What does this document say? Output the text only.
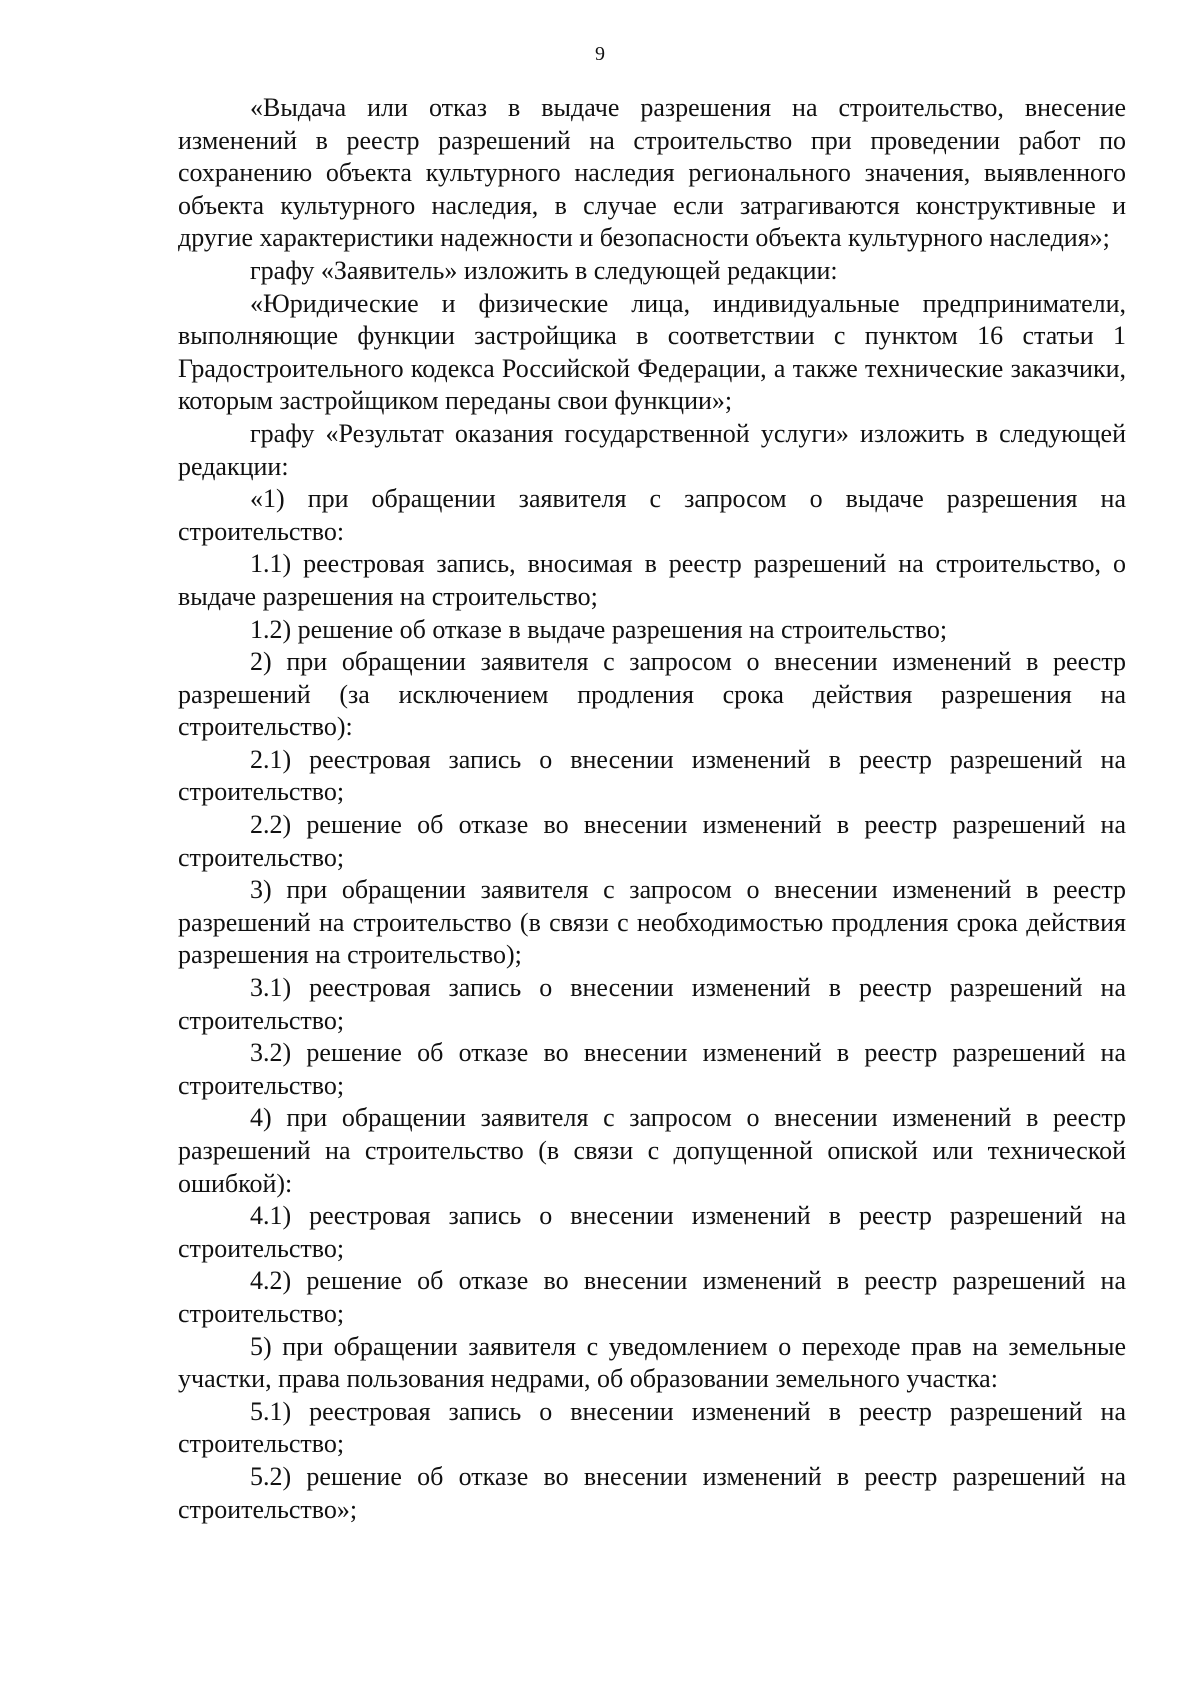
9

«Выдача или отказ в выдаче разрешения на строительство, внесение изменений в реестр разрешений на строительство при проведении работ по сохранению объекта культурного наследия регионального значения, выявленного объекта культурного наследия, в случае если затрагиваются конструктивные и другие характеристики надежности и безопасности объекта культурного наследия»;

графу «Заявитель» изложить в следующей редакции:

«Юридические и физические лица, индивидуальные предприниматели, выполняющие функции застройщика в соответствии с пунктом 16 статьи 1 Градостроительного кодекса Российской Федерации, а также технические заказчики, которым застройщиком переданы свои функции»;

графу «Результат оказания государственной услуги» изложить в следующей редакции:

«1) при обращении заявителя с запросом о выдаче разрешения на строительство:

1.1) реестровая запись, вносимая в реестр разрешений на строительство, о выдаче разрешения на строительство;

1.2) решение об отказе в выдаче разрешения на строительство;

2) при обращении заявителя с запросом о внесении изменений в реестр разрешений (за исключением продления срока действия разрешения на строительство):

2.1) реестровая запись о внесении изменений в реестр разрешений на строительство;

2.2) решение об отказе во внесении изменений в реестр разрешений на строительство;

3) при обращении заявителя с запросом о внесении изменений в реестр разрешений на строительство (в связи с необходимостью продления срока действия разрешения на строительство);

3.1) реестровая запись о внесении изменений в реестр разрешений на строительство;

3.2) решение об отказе во внесении изменений в реестр разрешений на строительство;

4) при обращении заявителя с запросом о внесении изменений в реестр разрешений на строительство (в связи с допущенной опиской или технической ошибкой):

4.1) реестровая запись о внесении изменений в реестр разрешений на строительство;

4.2) решение об отказе во внесении изменений в реестр разрешений на строительство;

5) при обращении заявителя с уведомлением о переходе прав на земельные участки, права пользования недрами, об образовании земельного участка:

5.1) реестровая запись о внесении изменений в реестр разрешений на строительство;

5.2) решение об отказе во внесении изменений в реестр разрешений на строительство»;
